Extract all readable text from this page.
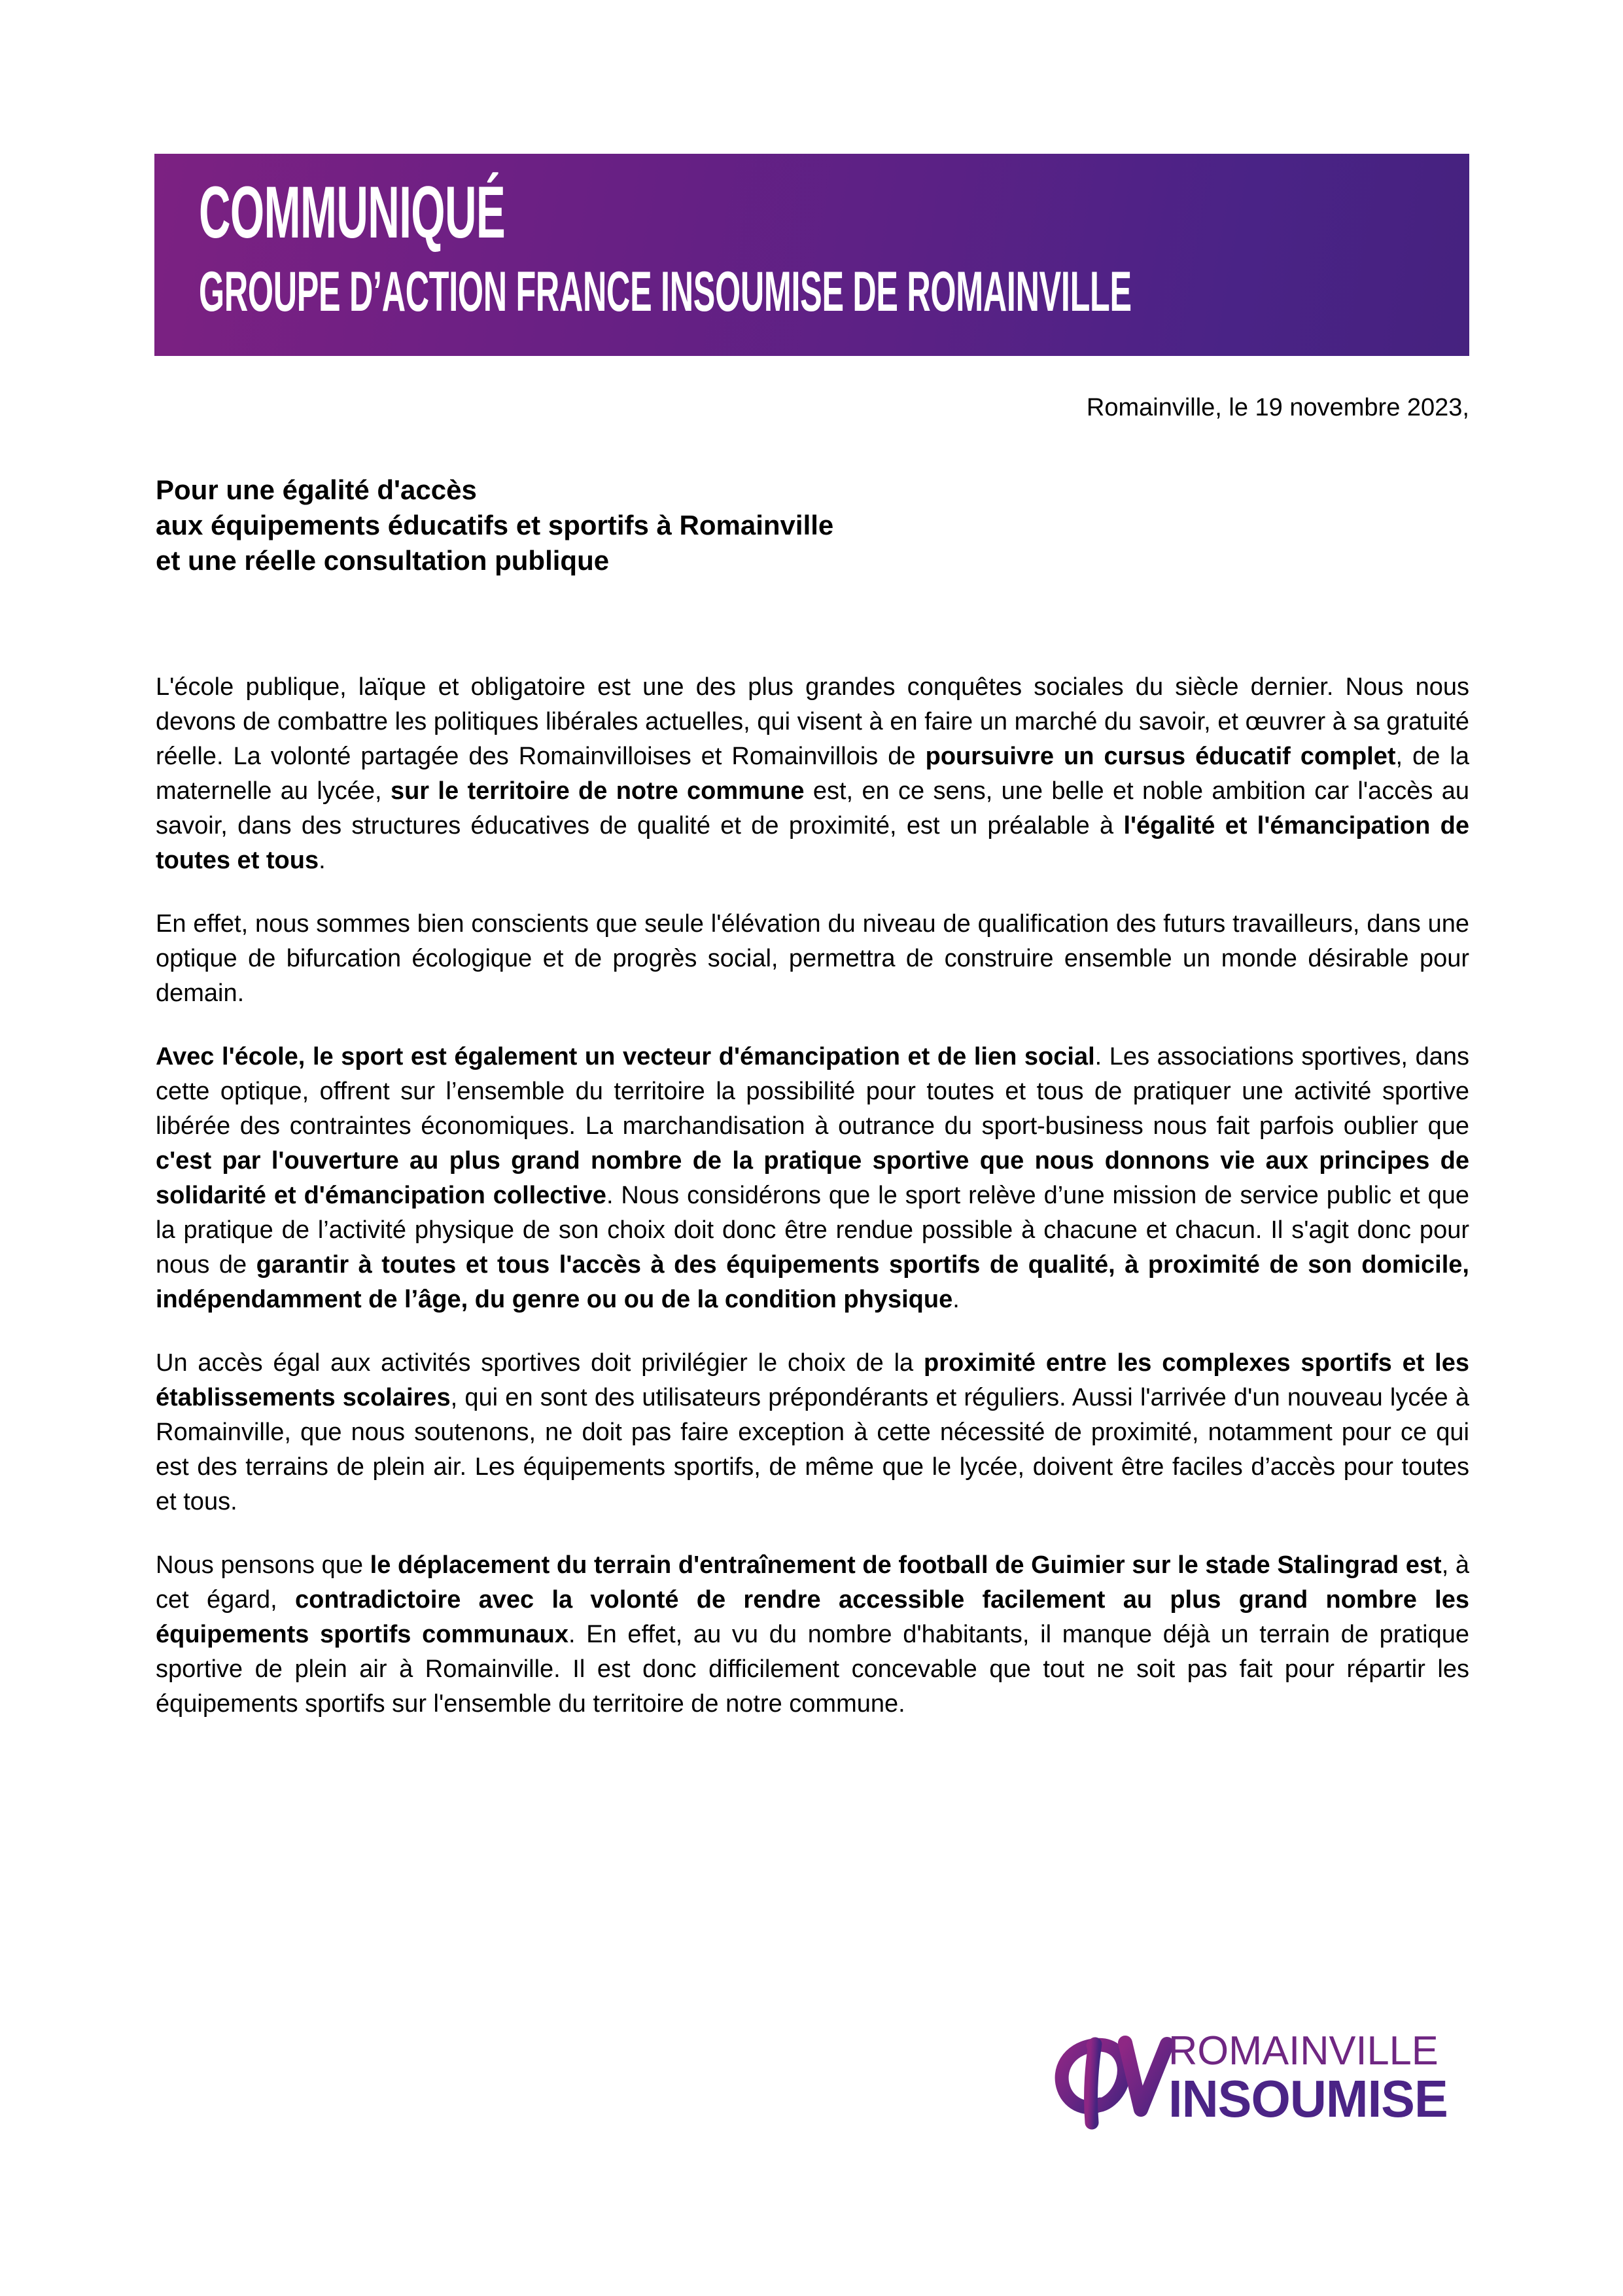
COMMUNIQUÉ
GROUPE D’ACTION FRANCE INSOUMISE DE ROMAINVILLE
Romainville, le 19 novembre 2023,
Pour une égalité d'accès
aux équipements éducatifs et sportifs à Romainville
et une réelle consultation publique

L'école publique, laïque et obligatoire est une des plus grandes conquêtes sociales du siècle dernier. Nous nous devons de combattre les politiques libérales actuelles, qui visent à en faire un marché du savoir, et œuvrer à sa gratuité réelle. La volonté partagée des Romainvilloises et Romainvillois de poursuivre un cursus éducatif complet, de la maternelle au lycée, sur le territoire de notre commune est, en ce sens, une belle et noble ambition car l'accès au savoir, dans des structures éducatives de qualité et de proximité, est un préalable à l'égalité et l'émancipation de toutes et tous.

En effet, nous sommes bien conscients que seule l'élévation du niveau de qualification des futurs travailleurs, dans une optique de bifurcation écologique et de progrès social, permettra de construire ensemble un monde désirable pour demain.

Avec l'école, le sport est également un vecteur d'émancipation et de lien social. Les associations sportives, dans cette optique, offrent sur l’ensemble du territoire la possibilité pour toutes et tous de pratiquer une activité sportive libérée des contraintes économiques. La marchandisation à outrance du sport-business nous fait parfois oublier que c'est par l'ouverture au plus grand nombre de la pratique sportive que nous donnons vie aux principes de solidarité et d'émancipation collective. Nous considérons que le sport relève d’une mission de service public et que la pratique de l’activité physique de son choix doit donc être rendue possible à chacune et chacun. Il s'agit donc pour nous de garantir à toutes et tous l'accès à des équipements sportifs de qualité, à proximité de son domicile, indépendamment de l’âge, du genre ou ou de la condition physique.

Un accès égal aux activités sportives doit privilégier le choix de la proximité entre les complexes sportifs et les établissements scolaires, qui en sont des utilisateurs prépondérants et réguliers. Aussi l'arrivée d'un nouveau lycée à Romainville, que nous soutenons, ne doit pas faire exception à cette nécessité de proximité, notamment pour ce qui est des terrains de plein air. Les équipements sportifs, de même que le lycée, doivent être faciles d’accès pour toutes et tous.

Nous pensons que le déplacement du terrain d'entraînement de football de Guimier sur le stade Stalingrad est, à cet égard, contradictoire avec la volonté de rendre accessible facilement au plus grand nombre les équipements sportifs communaux. En effet, au vu du nombre d'habitants, il manque déjà un terrain de pratique sportive de plein air à Romainville. Il est donc difficilement concevable que tout ne soit pas fait pour répartir les équipements sportifs sur l'ensemble du territoire de notre commune.

ROMAINVILLE
INSOUMISE
